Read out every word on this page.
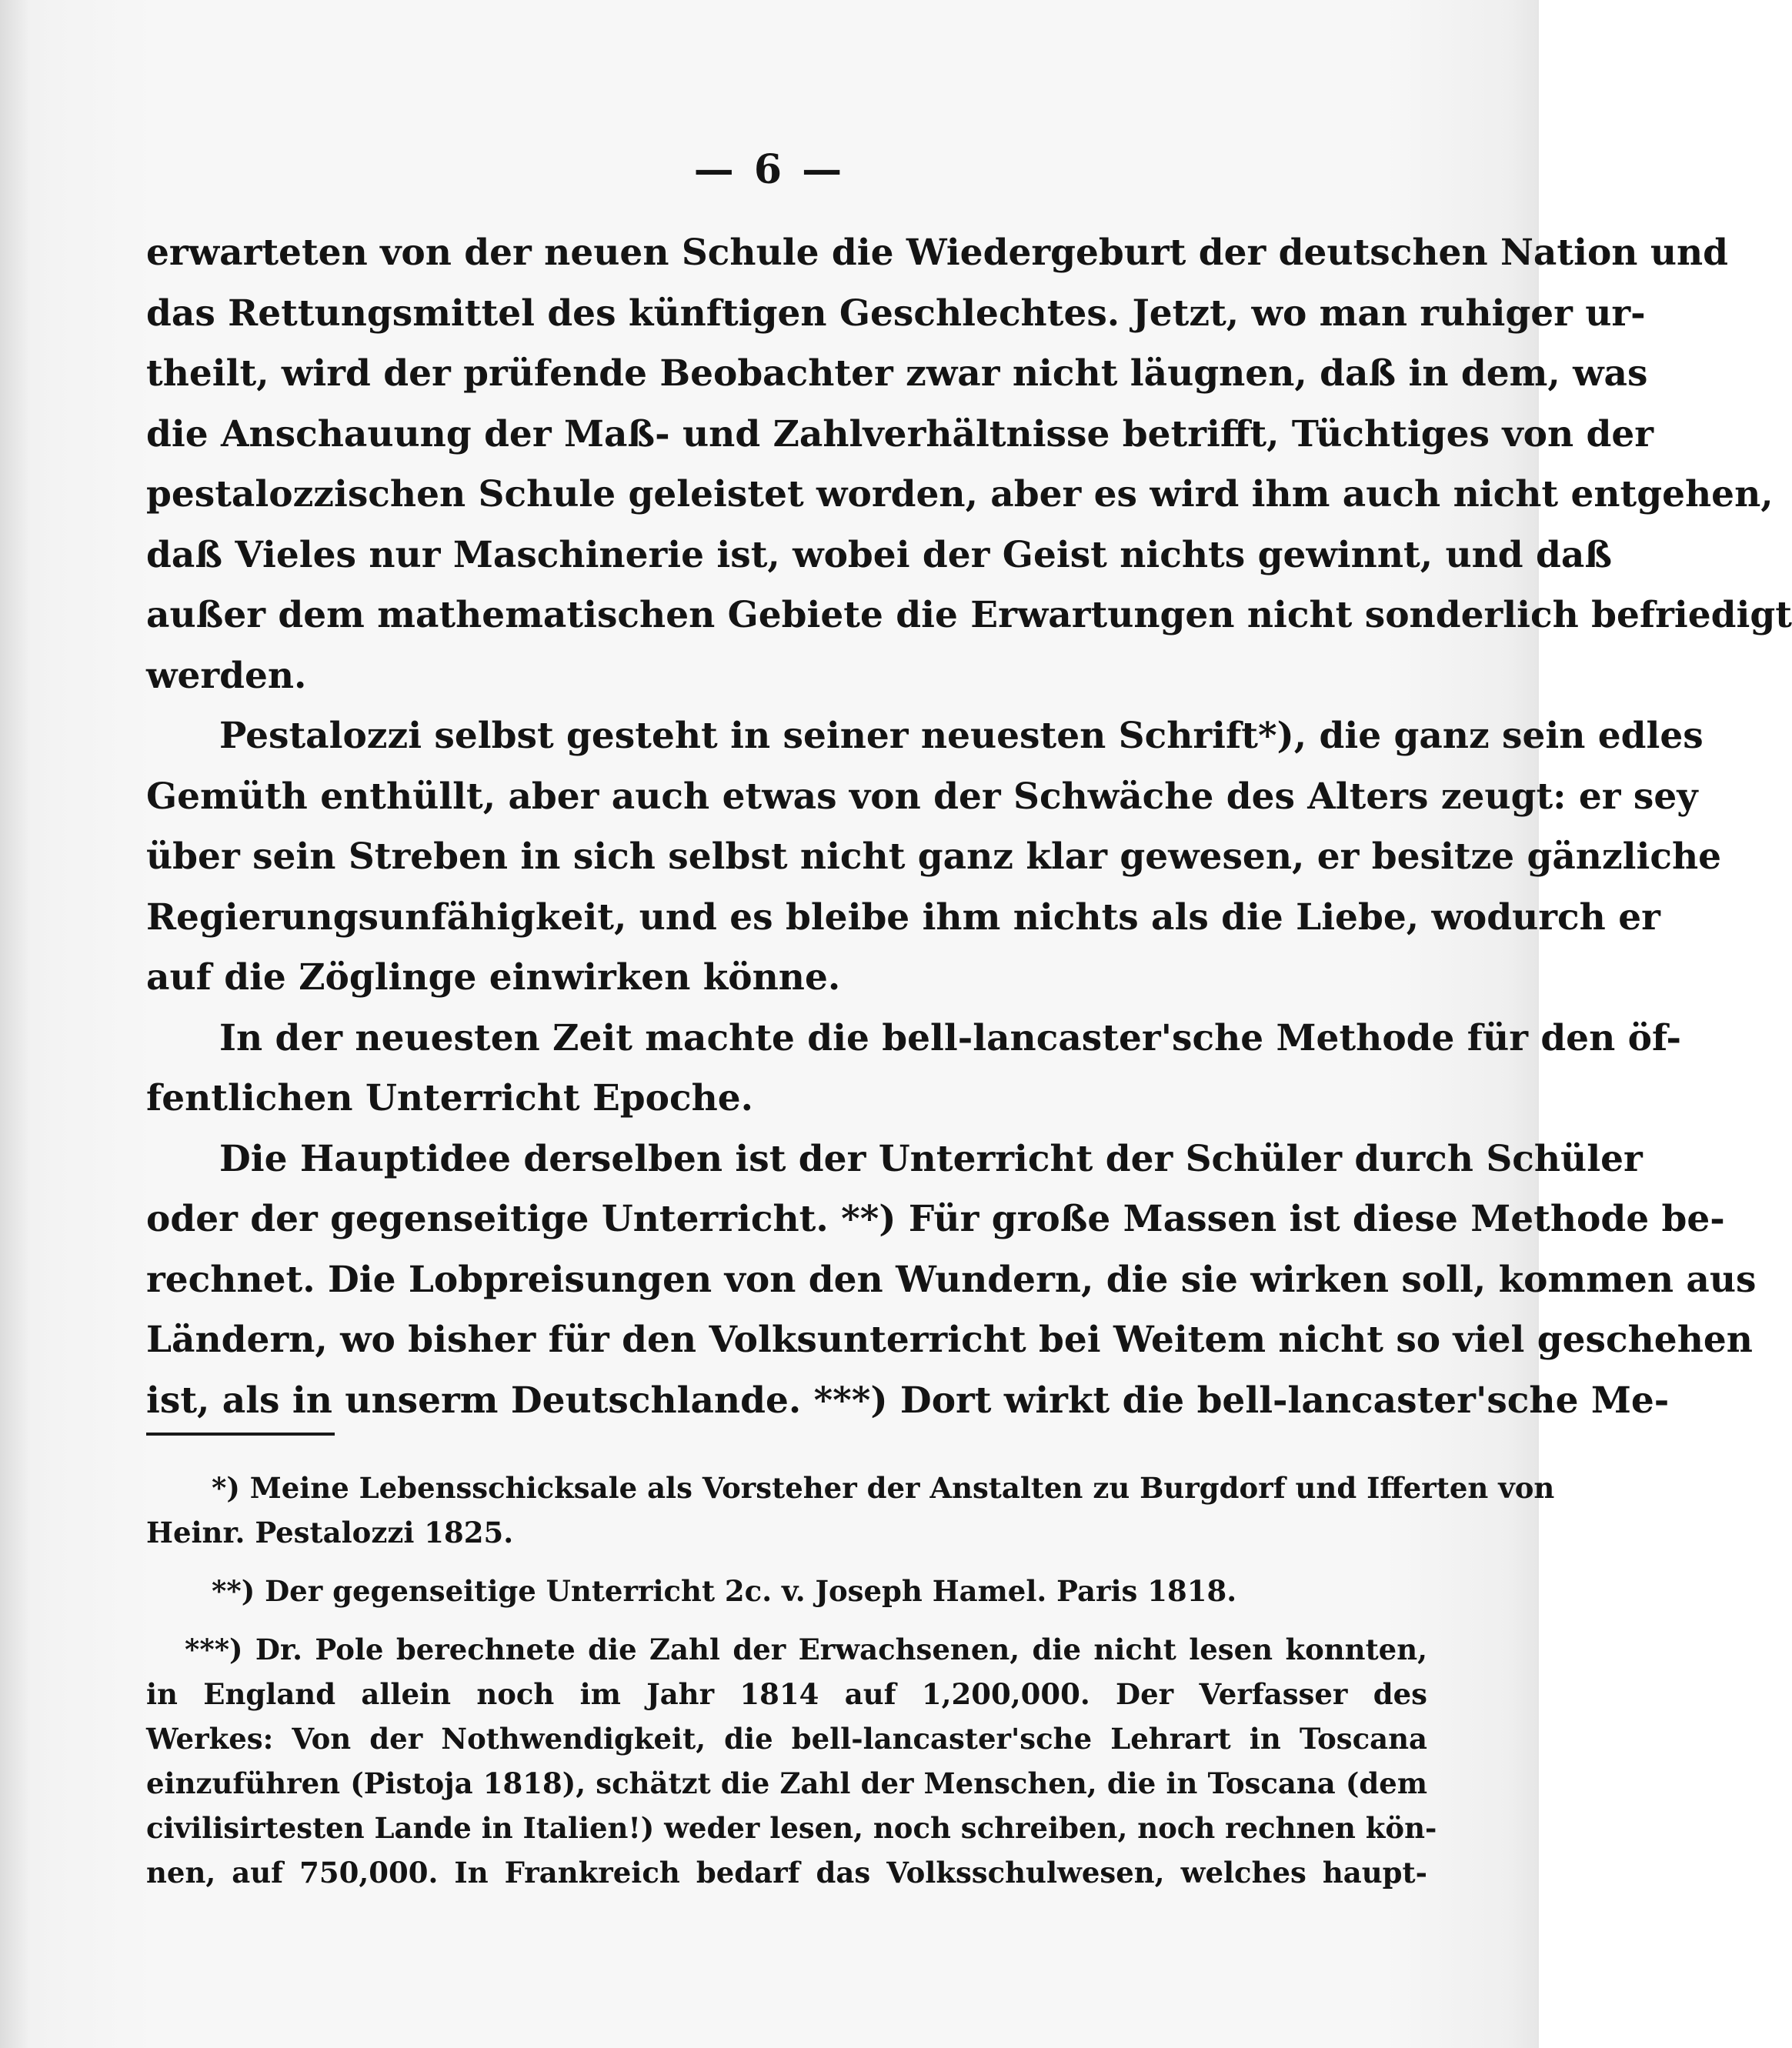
— 6 —
erwarteten von der neuen Schule die Wiedergeburt der deutschen Nation und
das Rettungsmittel des künftigen Geschlechtes. Jetzt, wo man ruhiger ur-
theilt, wird der prüfende Beobachter zwar nicht läugnen, daß in dem, was
die Anschauung der Maß- und Zahlverhältnisse betrifft, Tüchtiges von der
pestalozzischen Schule geleistet worden, aber es wird ihm auch nicht entgehen,
daß Vieles nur Maschinerie ist, wobei der Geist nichts gewinnt, und daß
außer dem mathematischen Gebiete die Erwartungen nicht sonderlich befriedigt
werden.
Pestalozzi selbst gesteht in seiner neuesten Schrift*), die ganz sein edles
Gemüth enthüllt, aber auch etwas von der Schwäche des Alters zeugt: er sey
über sein Streben in sich selbst nicht ganz klar gewesen, er besitze gänzliche
Regierungsunfähigkeit, und es bleibe ihm nichts als die Liebe, wodurch er
auf die Zöglinge einwirken könne.
In der neuesten Zeit machte die bell-lancaster'sche Methode für den öf-
fentlichen Unterricht Epoche.
Die Hauptidee derselben ist der Unterricht der Schüler durch Schüler
oder der gegenseitige Unterricht. **) Für große Massen ist diese Methode be-
rechnet. Die Lobpreisungen von den Wundern, die sie wirken soll, kommen aus
Ländern, wo bisher für den Volksunterricht bei Weitem nicht so viel geschehen
ist, als in unserm Deutschlande. ***) Dort wirkt die bell-lancaster'sche Me-
*) Meine Lebensschicksale als Vorsteher der Anstalten zu Burgdorf und Ifferten von
Heinr. Pestalozzi 1825.
**) Der gegenseitige Unterricht 2c. v. Joseph Hamel. Paris 1818.
***) Dr. Pole berechnete die Zahl der Erwachsenen, die nicht lesen konnten,
in England allein noch im Jahr 1814 auf 1,200,000. Der Verfasser des
Werkes: Von der Nothwendigkeit, die bell-lancaster'sche Lehrart in Toscana
einzuführen (Pistoja 1818), schätzt die Zahl der Menschen, die in Toscana (dem
civilisirtesten Lande in Italien!) weder lesen, noch schreiben, noch rechnen kön-
nen, auf 750,000. In Frankreich bedarf das Volksschulwesen, welches haupt-
